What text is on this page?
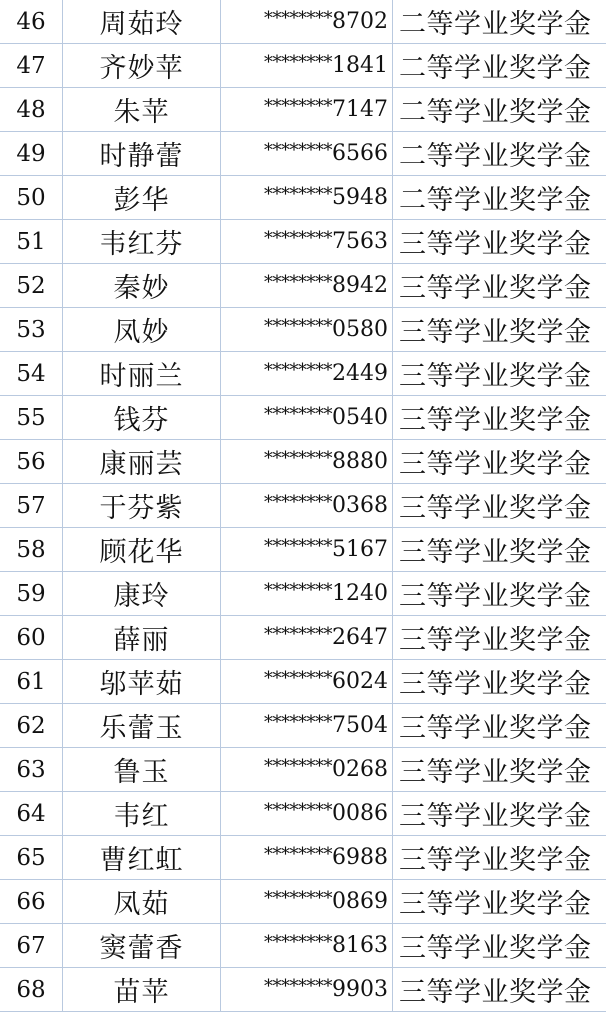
46	周茹玲	********8702	二等学业奖学金
47	齐妙苹	********1841	二等学业奖学金
48	朱苹	********7147	二等学业奖学金
49	时静蕾	********6566	二等学业奖学金
50	彭华	********5948	二等学业奖学金
51	韦红芬	********7563	三等学业奖学金
52	秦妙	********8942	三等学业奖学金
53	凤妙	********0580	三等学业奖学金
54	时丽兰	********2449	三等学业奖学金
55	钱芬	********0540	三等学业奖学金
56	康丽芸	********8880	三等学业奖学金
57	于芬紫	********0368	三等学业奖学金
58	顾花华	********5167	三等学业奖学金
59	康玲	********1240	三等学业奖学金
60	薛丽	********2647	三等学业奖学金
61	邬苹茹	********6024	三等学业奖学金
62	乐蕾玉	********7504	三等学业奖学金
63	鲁玉	********0268	三等学业奖学金
64	韦红	********0086	三等学业奖学金
65	曹红虹	********6988	三等学业奖学金
66	凤茹	********0869	三等学业奖学金
67	窦蕾香	********8163	三等学业奖学金
68	苗苹	********9903	三等学业奖学金
